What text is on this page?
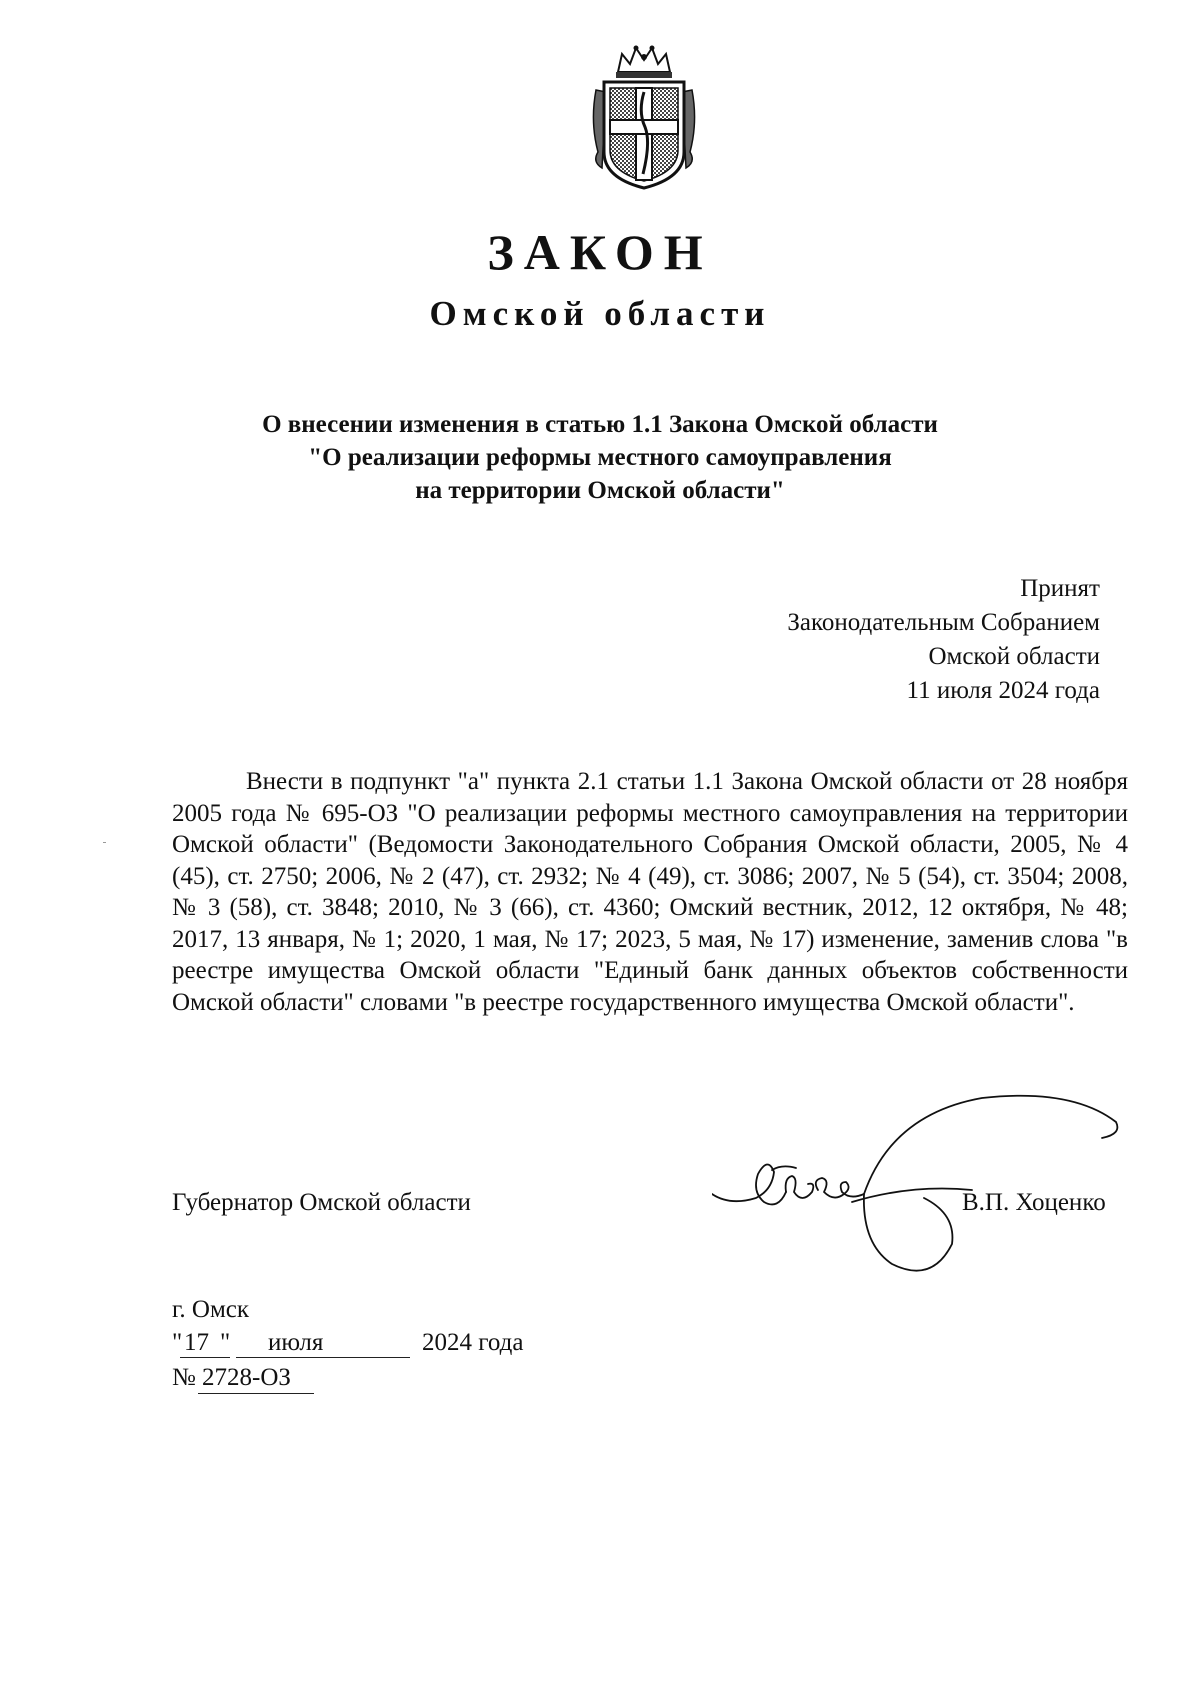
ЗАКОН
Омской области
О внесении изменения в статью 1.1 Закона Омской области
"О реализации реформы местного самоуправления
на территории Омской области"
Принят
Законодательным Собранием
Омской области
11 июля 2024 года

Внести в подпункт "а" пункта 2.1 статьи 1.1 Закона Омской области от 28 ноября 2005 года № 695-ОЗ "О реализации реформы местного самоуправления на территории Омской области" (Ведомости Законодательного Собрания Омской области, 2005, № 4 (45), ст. 2750; 2006, № 2 (47), ст. 2932; № 4 (49), ст. 3086; 2007, № 5 (54), ст. 3504; 2008, № 3 (58), ст. 3848; 2010, № 3 (66), ст. 4360; Омский вестник, 2012, 12 октября, № 48; 2017, 13 января, № 1; 2020, 1 мая, № 17; 2023, 5 мая, № 17) изменение, заменив слова "в реестре имущества Омской области "Единый банк данных объектов собственности Омской области" словами "в реестре государственного имущества Омской области".

Губернатор Омской области	В.П. Хоценко
г. Омск
" 17 " июля	2024 года
№ 2728-ОЗ
